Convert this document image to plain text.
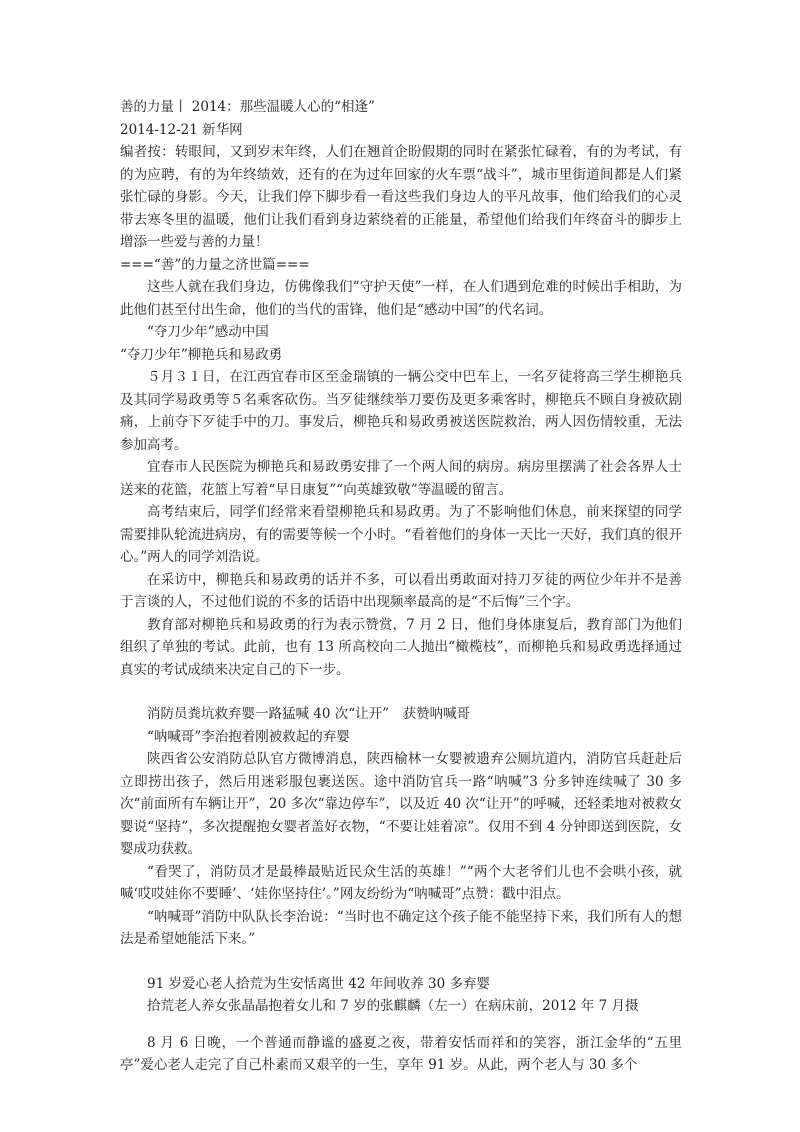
善的力量丨 2014：那些温暖人心的“相逢”
2014-12-21 新华网
编者按：转眼间，又到岁末年终，人们在翘首企盼假期的同时在紧张忙碌着，有的为考试，有的为应聘，有的为年终绩效，还有的在为过年回家的火车票“战斗”，城市里街道间都是人们紧张忙碌的身影。今天，让我们停下脚步看一看这些我们身边人的平凡故事，他们给我们的心灵带去寒冬里的温暖，他们让我们看到身边萦绕着的正能量，希望他们给我们年终奋斗的脚步上增添一些爱与善的力量！
===“善”的力量之济世篇===
这些人就在我们身边，仿佛像我们“守护天使”一样，在人们遇到危难的时候出手相助，为此他们甚至付出生命，他们的当代的雷锋，他们是“感动中国”的代名词。
“夺刀少年”感动中国
“夺刀少年”柳艳兵和易政勇
５月３１日，在江西宜春市区至金瑞镇的一辆公交中巴车上，一名歹徒将高三学生柳艳兵及其同学易政勇等５名乘客砍伤。当歹徒继续举刀要伤及更多乘客时，柳艳兵不顾自身被砍剧痛，上前夺下歹徒手中的刀。事发后，柳艳兵和易政勇被送医院救治，两人因伤情较重，无法参加高考。
宜春市人民医院为柳艳兵和易政勇安排了一个两人间的病房。病房里摆满了社会各界人士送来的花篮，花篮上写着“早日康复”“向英雄致敬”等温暖的留言。
高考结束后，同学们经常来看望柳艳兵和易政勇。为了不影响他们休息，前来探望的同学需要排队轮流进病房，有的需要等候一个小时。“看着他们的身体一天比一天好，我们真的很开心。”两人的同学刘浩说。
在采访中，柳艳兵和易政勇的话并不多，可以看出勇敢面对持刀歹徒的两位少年并不是善于言谈的人，不过他们说的不多的话语中出现频率最高的是“不后悔”三个字。
教育部对柳艳兵和易政勇的行为表示赞赏，7 月 2 日，他们身体康复后，教育部门为他们组织了单独的考试。此前，也有 13 所高校向二人抛出“橄榄枝”，而柳艳兵和易政勇选择通过真实的考试成绩来决定自己的下一步。
消防员粪坑救弃婴一路猛喊 40 次“让开”　获赞呐喊哥
“呐喊哥”李治抱着刚被救起的弃婴
陕西省公安消防总队官方微博消息，陕西榆林一女婴被遗弃公厕坑道内，消防官兵赶赴后立即捞出孩子，然后用迷彩服包裹送医。途中消防官兵一路“呐喊”3 分多钟连续喊了 30 多次“前面所有车辆让开”，20 多次“靠边停车”，以及近 40 次“让开”的呼喊，还轻柔地对被救女婴说“坚持”，多次提醒抱女婴者盖好衣物，“不要让娃着凉”。仅用不到 4 分钟即送到医院，女婴成功获救。
“看哭了，消防员才是最棒最贴近民众生活的英雄！”“两个大老爷们儿也不会哄小孩，就喊‘哎哎娃你不要睡’、‘娃你坚持住’。”网友纷纷为“呐喊哥”点赞：戳中泪点。
“呐喊哥”消防中队队长李治说：“当时也不确定这个孩子能不能坚持下来，我们所有人的想法是希望她能活下来。”
91 岁爱心老人拾荒为生安恬离世 42 年间收养 30 多弃婴
拾荒老人养女张晶晶抱着女儿和 7 岁的张麒麟（左一）在病床前，2012 年 7 月摄
8 月 6 日晚，一个普通而静谧的盛夏之夜，带着安恬而祥和的笑容，浙江金华的“五里亭”爱心老人走完了自己朴素而又艰辛的一生，享年 91 岁。从此，两个老人与 30 多个
